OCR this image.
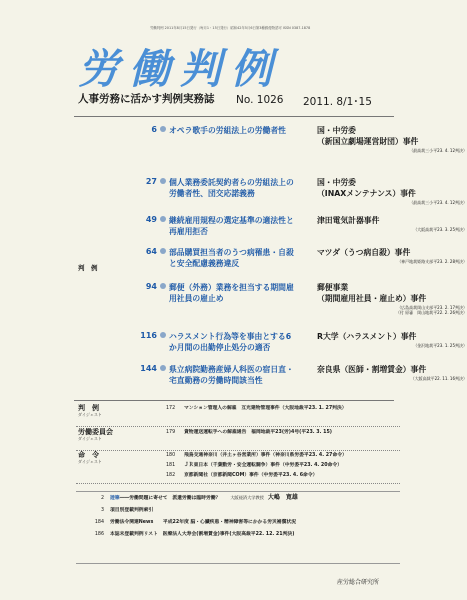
労働判例 2011年8月15日発行（毎月1・15日発行）昭和42年5月6日第3種郵便物認可 ISSN 0387-1878
労働判例
人事労務に活かす判例実務誌 No. 1026 2011. 8/1･15
判　例
6 オペラ歌手の労組法上の労働者性	国・中労委
（新国立劇場運営財団）事件
（最高裁三小平23. 4. 12判決）
27 個人業務委託契約者らの労組法上の
労働者性、団交応諾義務
国・中労委
（INAXメンテナンス）事件
（最高裁三小平23. 4. 12判決）
49 継続雇用規程の選定基準の適法性と
再雇用拒否
津田電気計器事件
（大阪高裁平23. 3. 25判決）
64 部品購買担当者のうつ病罹患・自殺
と安全配慮義務違反
マツダ（うつ病自殺）事件
（神戸地裁姫路支部平23. 2. 28判決）
94 郵便（外務）業務を担当する期間雇
用社員の雇止め
郵便事業
（期間雇用社員・雇止め）事件
（広島高裁岡山支部平23. 2. 17判決）
（付 原審　岡山地裁平22. 2. 26判決）
116 ハラスメント行為等を事由とする6
か月間の出勤停止処分の適否
R大学（ハラスメント）事件
（金沢地裁平23. 1. 25判決）
144 県立病院勤務産婦人科医の宿日直・
宅直勤務の労働時間該当性
奈良県（医師・割増賃金）事件
（大阪高裁平22. 11. 16判決）
判　例
ダイジェスト
172 マンション管理人の解雇　互光建物管理事件（大阪地裁平23. 1. 27判決）
労働委員会
ダイジェスト
179 貨物運送運転手への解雇通告　福岡地裁平23(労)4号(平23. 3. 15)
命　令
ダイジェスト
180 飛鳥交通神奈川（井土ヶ谷営業所）事件（神奈川県労委平23. 4. 27命令）
181 ＪＲ東日本（千葉動労・安全運転闘争）事件（中労委平23. 4. 20命令）
182 京都新聞社（京都新聞COM）事件（中労委平23. 4. 6命令）
2 遊筆――労働問題に寄せて　派遣労働は臨時労働？ 大阪経済大学教授 大嶋　寛雄
3 項目別登載判例索引
184 労働法令関連News　　平成22年度 脳・心臓疾患・精神障害等にかかる労災補償状況
186 本誌未登載判例リスト　医療法人大寿会(割増賃金)事件(大阪高裁平22. 12. 21判決)
産労総合研究所
